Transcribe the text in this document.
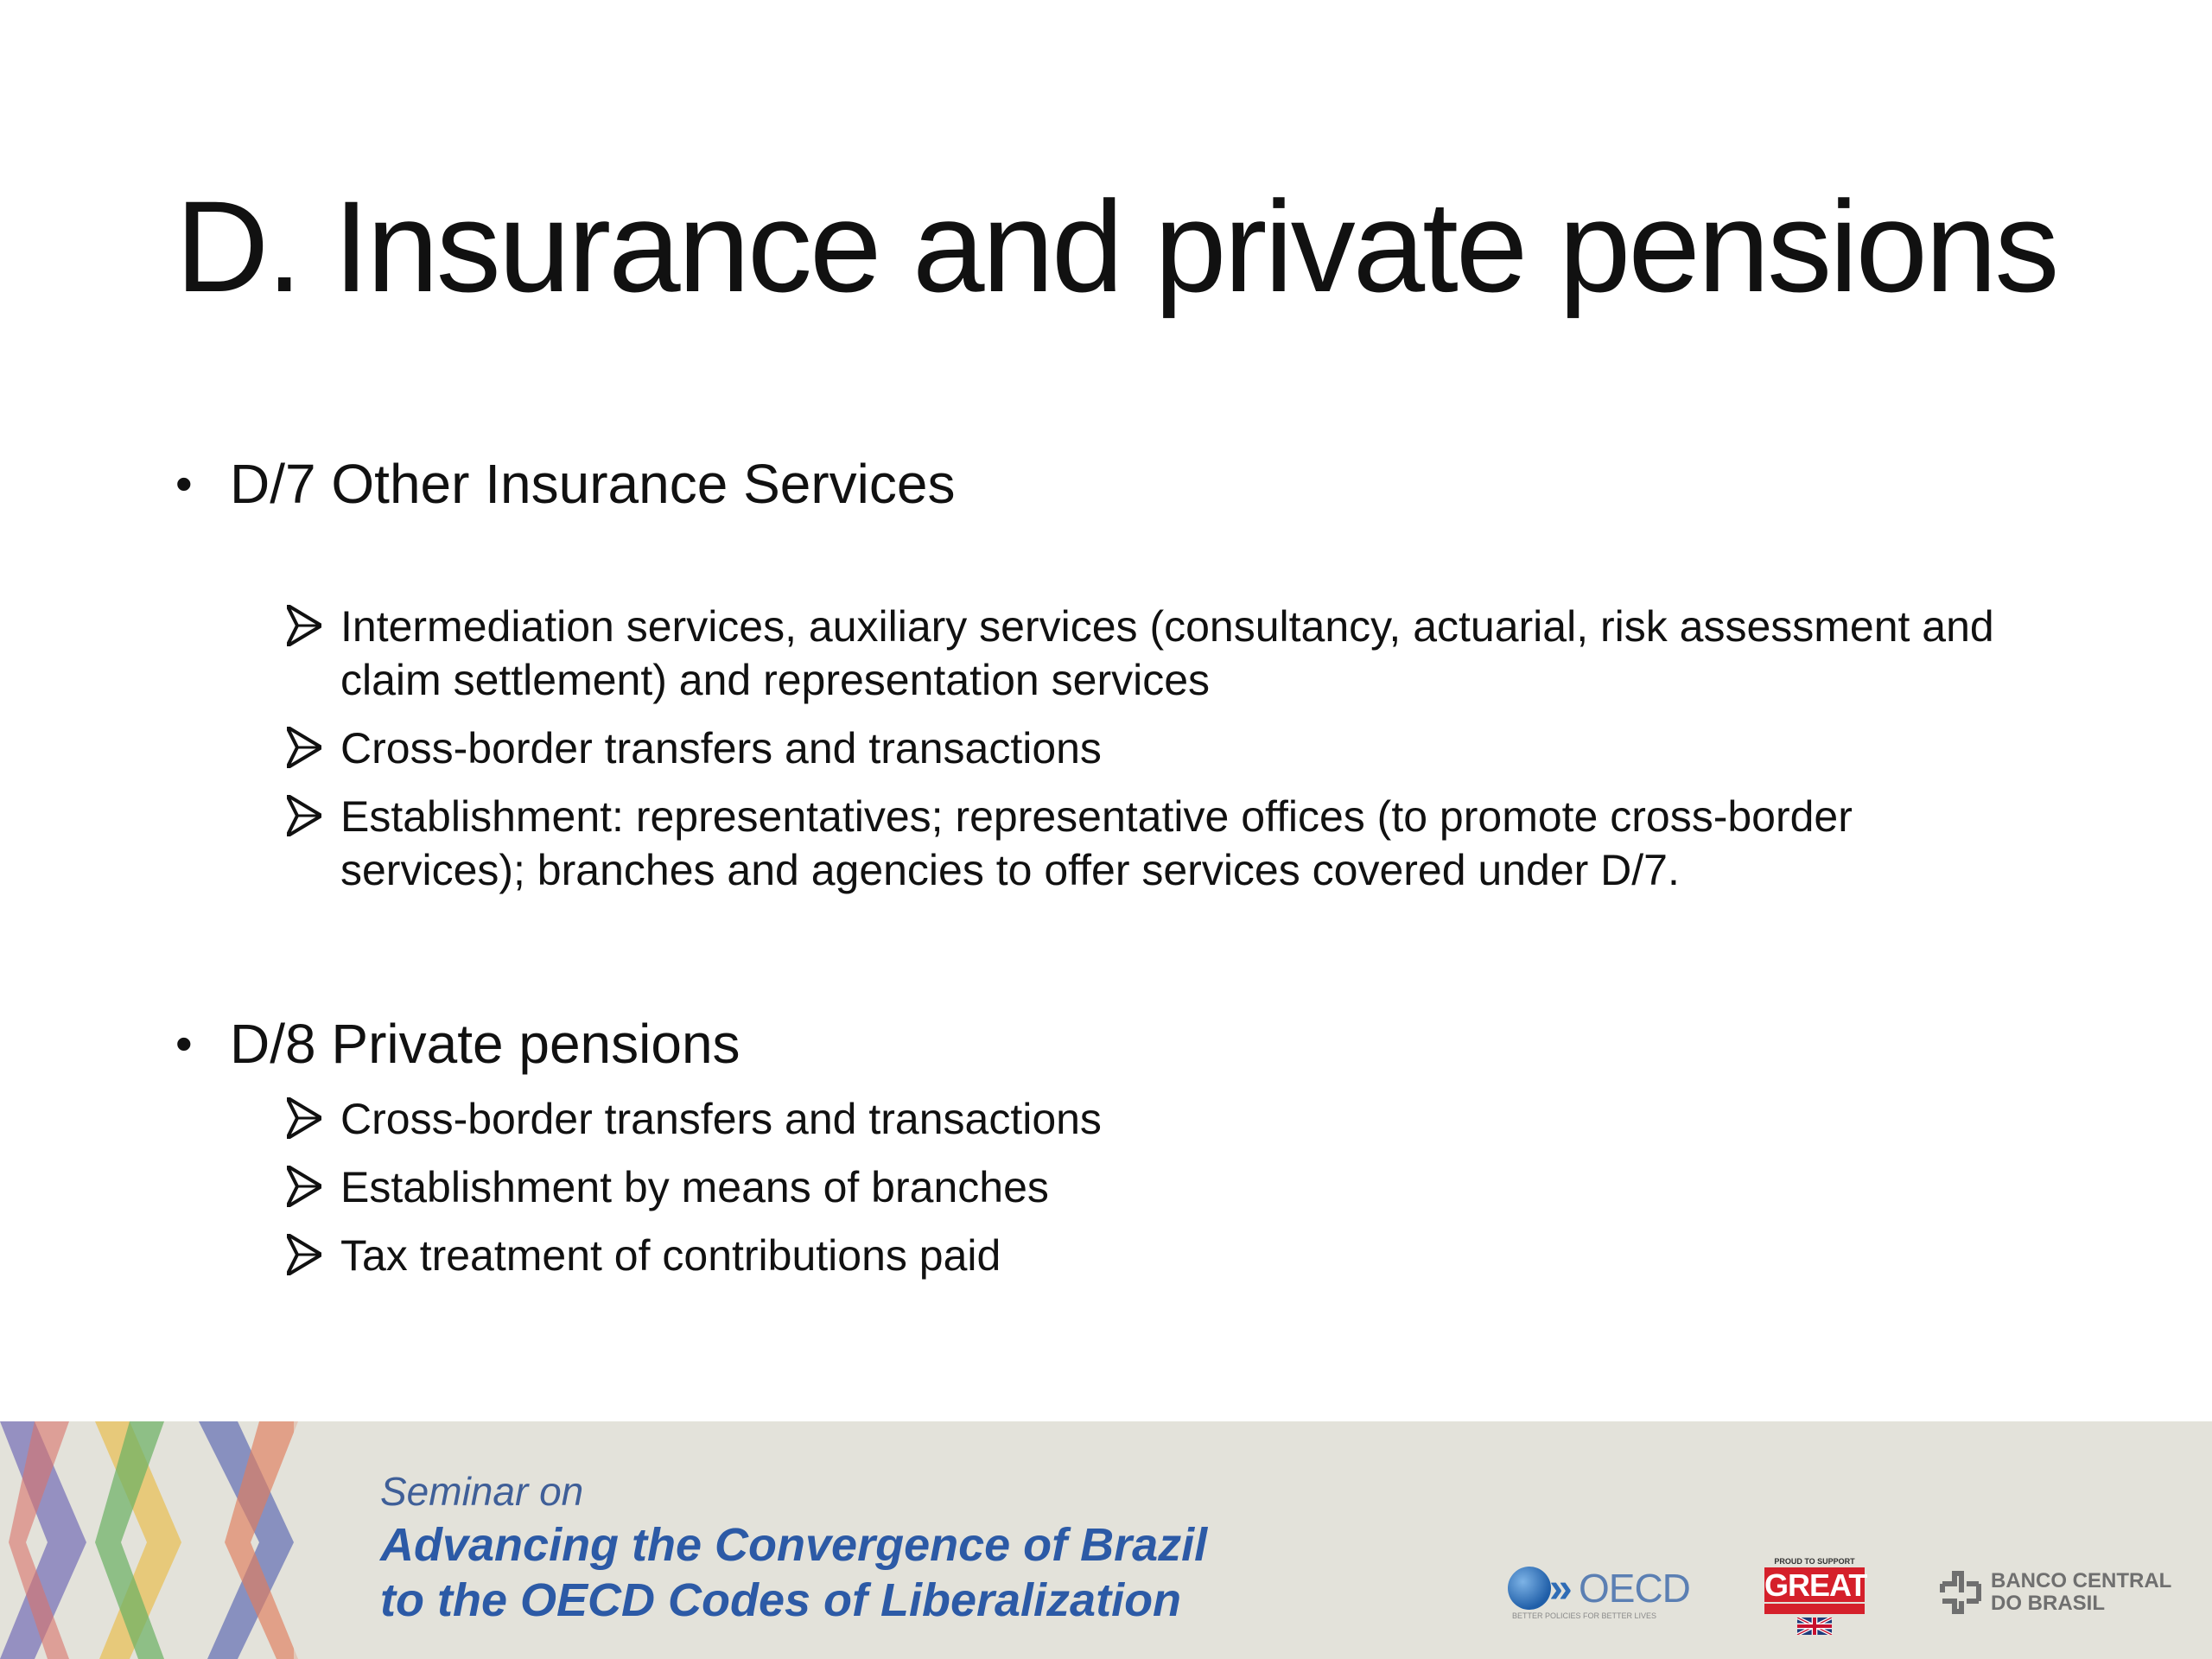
D. Insurance and private pensions
• D/7 Other Insurance Services
Intermediation services, auxiliary services (consultancy, actuarial, risk assessment and claim settlement) and representation services
Cross-border transfers and transactions
Establishment: representatives; representative offices (to promote cross-border services); branches and agencies to offer services covered under D/7.
• D/8 Private pensions
Cross-border transfers and transactions
Establishment by means of branches
Tax treatment of contributions paid
Seminar on
Advancing the Convergence of Brazil
to the OECD Codes of Liberalization	» OECD
BETTER POLICIES FOR BETTER LIVES
PROUD TO SUPPORT
GREAT	BANCO CENTRAL
DO BRASIL
